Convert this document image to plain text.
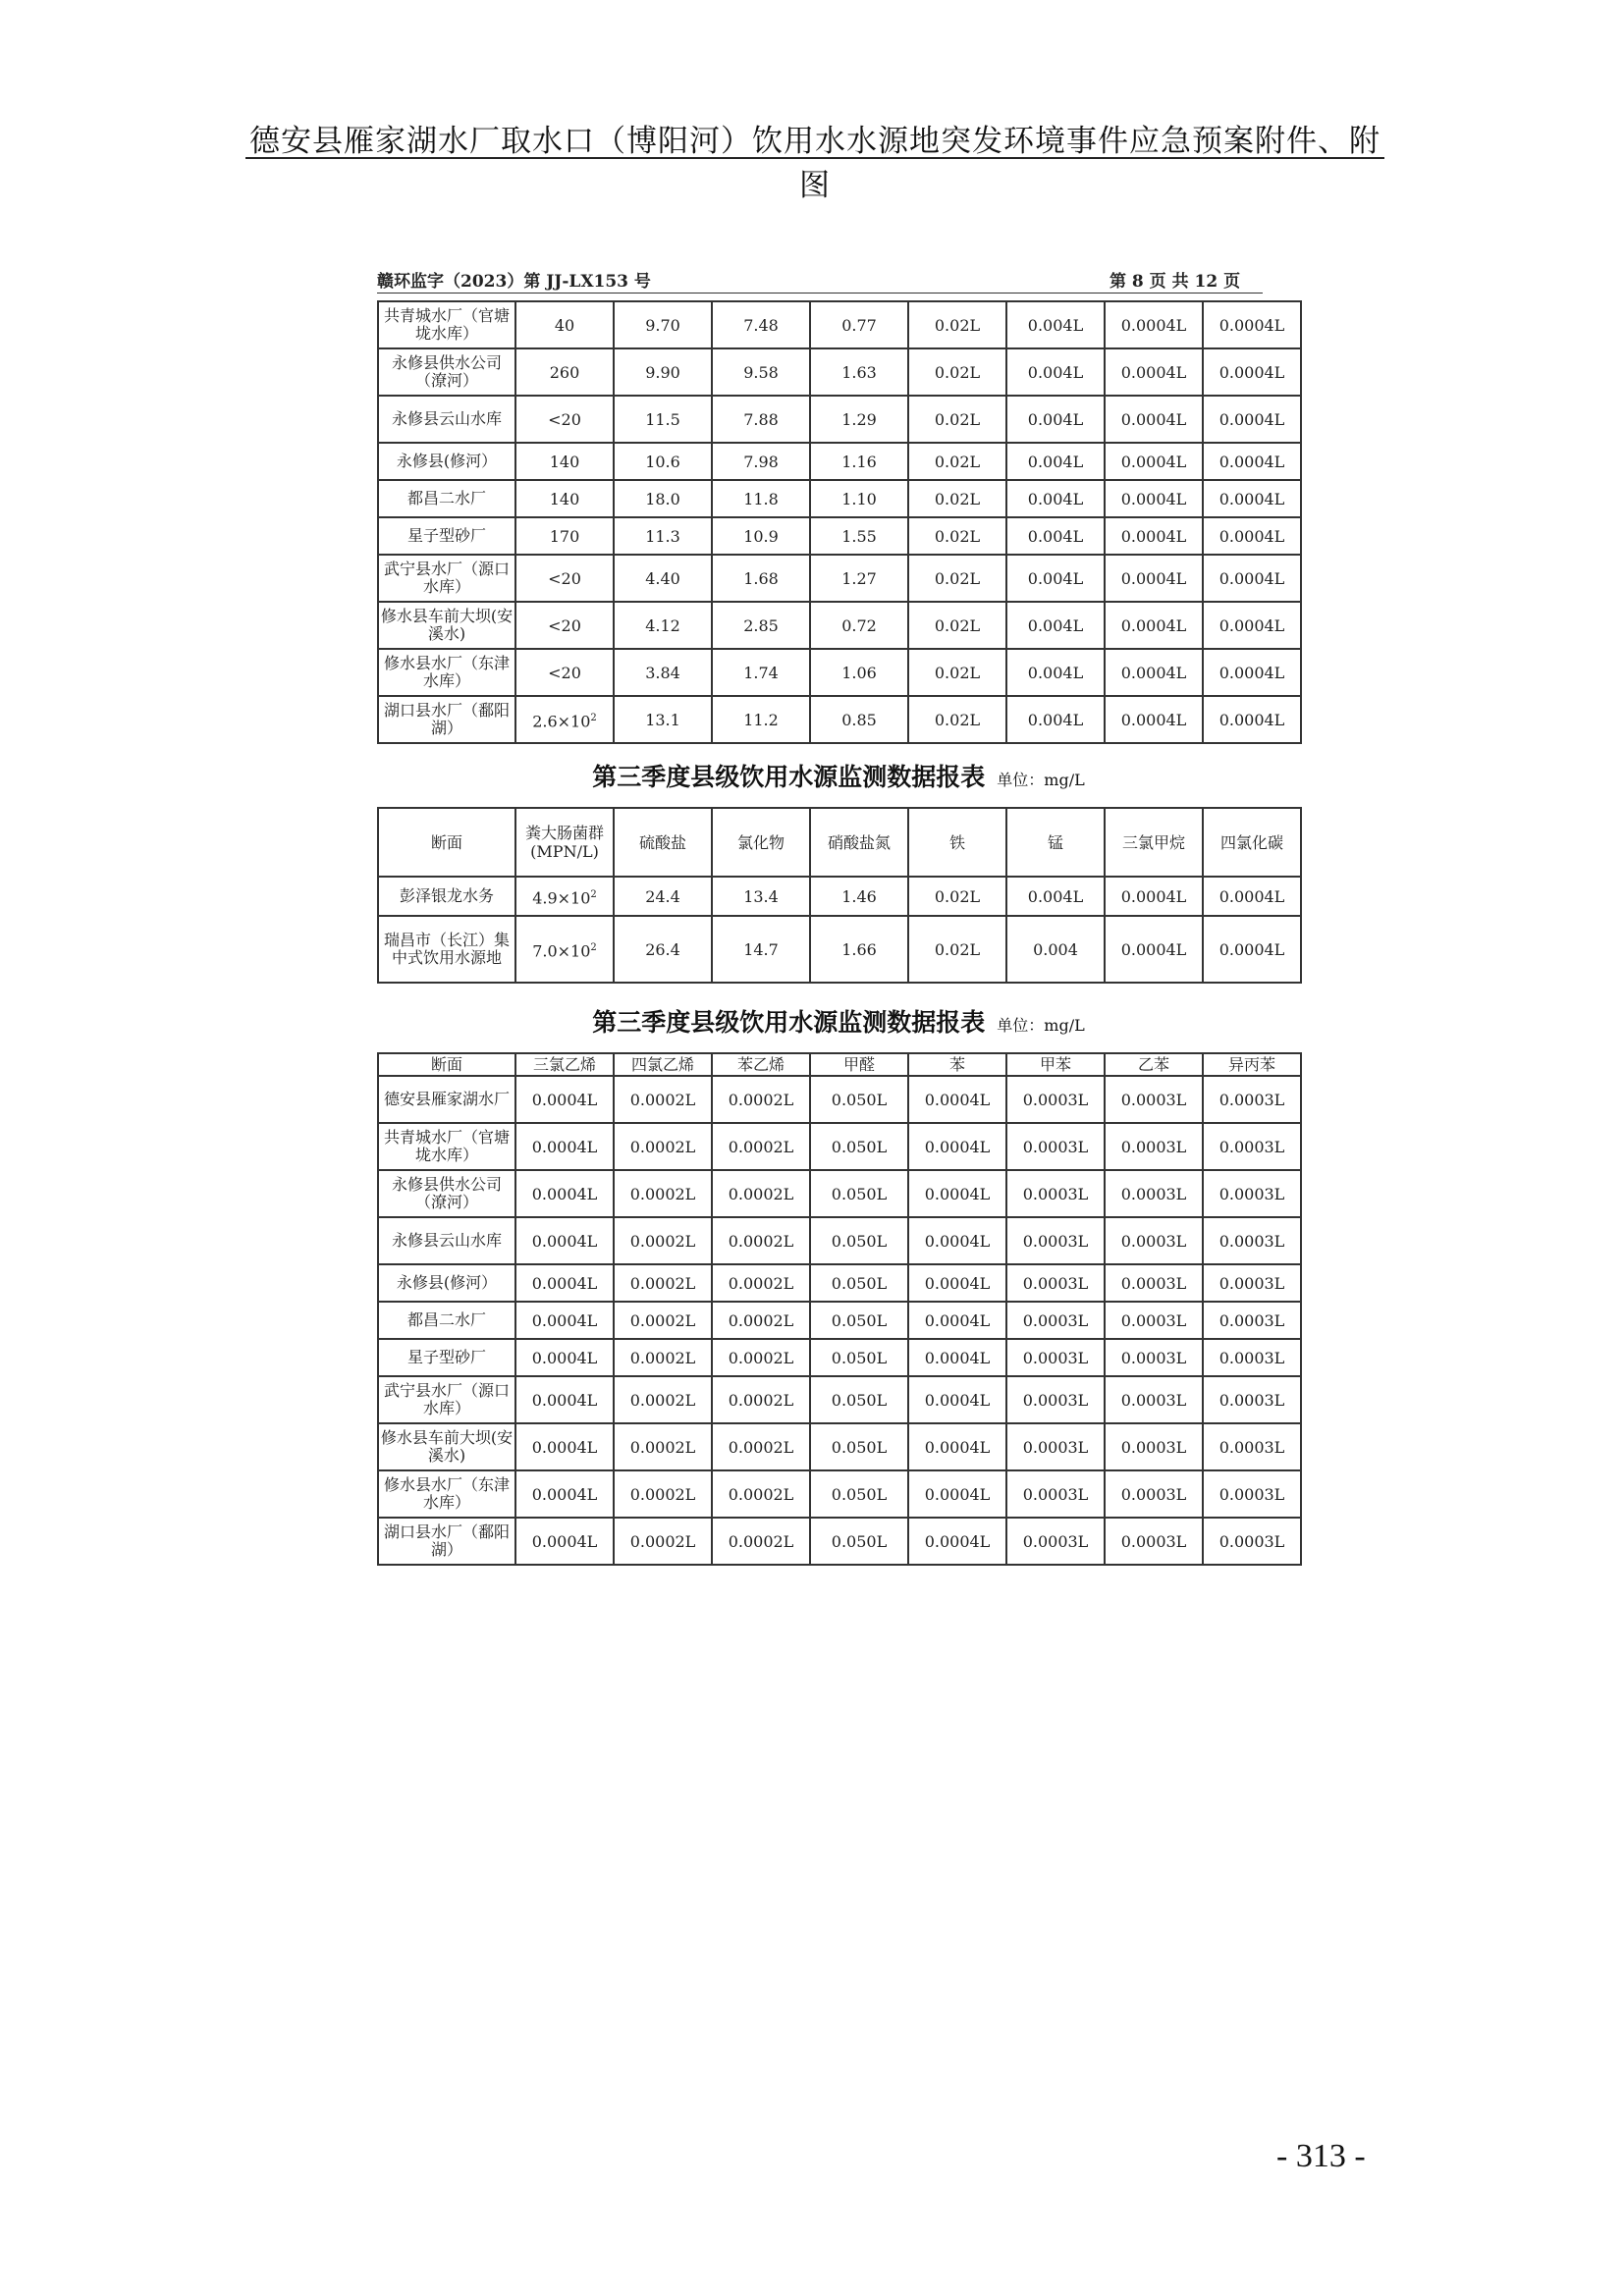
德安县雁家湖水厂取水口（博阳河）饮用水水源地突发环境事件应急预案附件、附图
赣环监字（2023）第 JJ-LX153 号	第 8 页 共 12 页
共青城水厂（官塘垅水库）	40	9.70	7.48	0.77	0.02L	0.004L	0.0004L	0.0004L
永修县供水公司（潦河）	260	9.90	9.58	1.63	0.02L	0.004L	0.0004L	0.0004L
永修县云山水库	<20	11.5	7.88	1.29	0.02L	0.004L	0.0004L	0.0004L
永修县(修河）	140	10.6	7.98	1.16	0.02L	0.004L	0.0004L	0.0004L
都昌二水厂	140	18.0	11.8	1.10	0.02L	0.004L	0.0004L	0.0004L
星子型砂厂	170	11.3	10.9	1.55	0.02L	0.004L	0.0004L	0.0004L
武宁县水厂（源口水库）	<20	4.40	1.68	1.27	0.02L	0.004L	0.0004L	0.0004L
修水县车前大坝(安溪水)	<20	4.12	2.85	0.72	0.02L	0.004L	0.0004L	0.0004L
修水县水厂（东津水库）	<20	3.84	1.74	1.06	0.02L	0.004L	0.0004L	0.0004L
湖口县水厂（鄱阳湖）	$2.6\times 10^2$	13.1	11.2	0.85	0.02L	0.004L	0.0004L	0.0004L
第三季度县级饮用水源监测数据报表 单位：mg/L
断面	粪大肠菌群(MPN/L)	硫酸盐	氯化物	硝酸盐氮	铁	锰	三氯甲烷	四氯化碳
彭泽银龙水务	$4.9\times 10^2$	24.4	13.4	1.46	0.02L	0.004L	0.0004L	0.0004L
瑞昌市（长江）集中式饮用水源地	$7.0\times 10^2$	26.4	14.7	1.66	0.02L	0.004	0.0004L	0.0004L
第三季度县级饮用水源监测数据报表 单位：mg/L
断面	三氯乙烯	四氯乙烯	苯乙烯	甲醛	苯	甲苯	乙苯	异丙苯
德安县雁家湖水厂	0.0004L	0.0002L	0.0002L	0.050L	0.0004L	0.0003L	0.0003L	0.0003L
共青城水厂（官塘垅水库）	0.0004L	0.0002L	0.0002L	0.050L	0.0004L	0.0003L	0.0003L	0.0003L
永修县供水公司（潦河）	0.0004L	0.0002L	0.0002L	0.050L	0.0004L	0.0003L	0.0003L	0.0003L
永修县云山水库	0.0004L	0.0002L	0.0002L	0.050L	0.0004L	0.0003L	0.0003L	0.0003L
永修县(修河）	0.0004L	0.0002L	0.0002L	0.050L	0.0004L	0.0003L	0.0003L	0.0003L
都昌二水厂	0.0004L	0.0002L	0.0002L	0.050L	0.0004L	0.0003L	0.0003L	0.0003L
星子型砂厂	0.0004L	0.0002L	0.0002L	0.050L	0.0004L	0.0003L	0.0003L	0.0003L
武宁县水厂（源口水库）	0.0004L	0.0002L	0.0002L	0.050L	0.0004L	0.0003L	0.0003L	0.0003L
修水县车前大坝(安溪水)	0.0004L	0.0002L	0.0002L	0.050L	0.0004L	0.0003L	0.0003L	0.0003L
修水县水厂（东津水库）	0.0004L	0.0002L	0.0002L	0.050L	0.0004L	0.0003L	0.0003L	0.0003L
湖口县水厂（鄱阳湖）	0.0004L	0.0002L	0.0002L	0.050L	0.0004L	0.0003L	0.0003L	0.0003L
- 313 -
